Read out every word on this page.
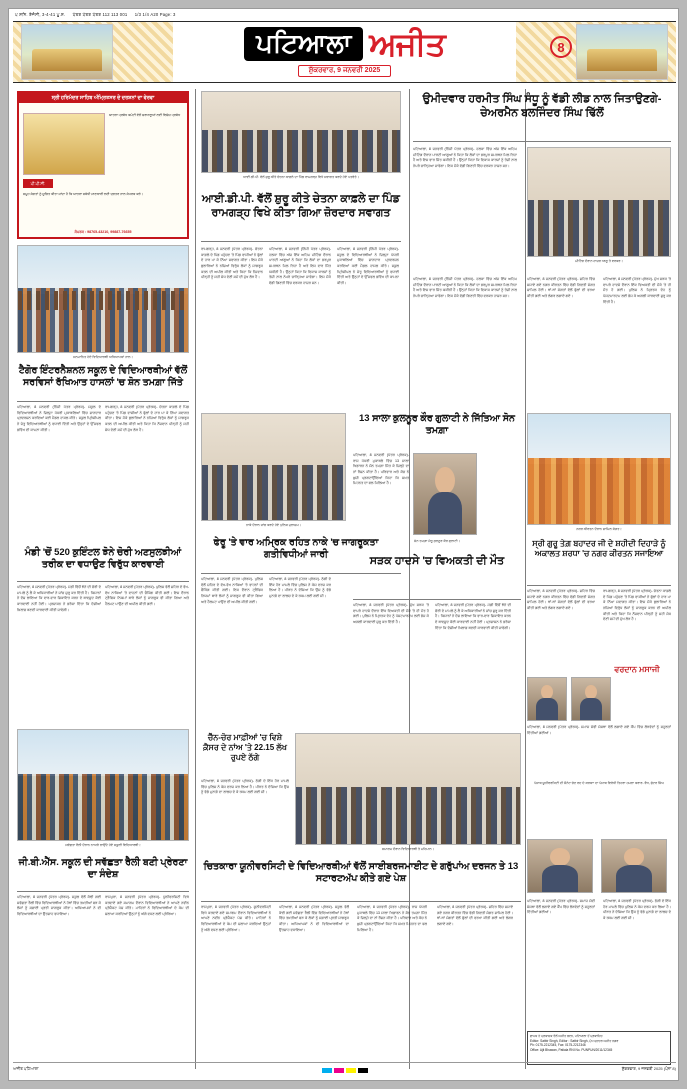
ਪ ਸ਼ਨਿ. ਏਜੰਸੀ, 3-4-41 ਪੂ.ਸ਼. ਪੱਤਰ ਪੱਤਰ ਪੱਤਰ 112 113 001 1/3 1/4 A20 Page: 3
ਪਟਿਆਲਾ ਅਜੀਤ
ਸ਼ੁੱਕਰਵਾਰ, 9 ਜਨਵਰੀ 2025
8
ਸ੍ਰੀ ਹਰਿਮੰਦਰ ਸਾਹਿਬ ਅੰਮ੍ਰਿਤਸਰ ਦੇ ਦਰਸ਼ਨਾਂ ਦਾ ਵੇਰਵਾ
ਯਾਤਰਾ ਪ੍ਰਬੰਧ ਕਮੇਟੀ ਵੱਲੋਂ ਸ਼ਰਧਾਲੂਆਂ ਲਈ ਵਿਸ਼ੇਸ਼ ਪ੍ਰਬੰਧ
ਪੀ.ਪੀ.ਸੀ.
ਸਮੂਹ ਸੰਗਤਾਂ ਨੂੰ ਸੂਚਿਤ ਕੀਤਾ ਜਾਂਦਾ ਹੈ ਕਿ ਯਾਤਰਾ ਸਬੰਧੀ ਜਾਣਕਾਰੀ ਲਈ ਦਫ਼ਤਰ ਨਾਲ ਸੰਪਰਕ ਕਰੋ।
ਸੰਪਰਕ : 98765-43210, 99887-76655
ਸਨਮਾਨਿਤ ਹੋਏ ਵਿਦਿਆਰਥੀ ਅਧਿਆਪਕਾਂ ਨਾਲ।
ਟੈਗੋਰ ਇੰਟਰਨੈਸ਼ਨਲ ਸਕੂਲ ਦੇ ਵਿਦਿਆਰਥੀਆਂ ਵੱਲੋਂ ਸਰਵਿਸਾਂ ਰੱਖਿਆਤ ਹਾਸਲਾਂ 'ਚ ਸ਼ੋਨ ਤਮਗ਼ਾ ਜਿੱਤੇ
ਪਟਿਆਲਾ, 8 ਜਨਵਰੀ (ਨਿੱਜੀ ਪੱਤਰ ਪ੍ਰੇਰਕ)- ਸਕੂਲ ਦੇ ਵਿਦਿਆਰਥੀਆਂ ਨੇ ਜ਼ਿਲ੍ਹਾ ਪੱਧਰੀ ਮੁਕਾਬਲਿਆਂ ਵਿੱਚ ਸ਼ਾਨਦਾਰ ਪ੍ਰਦਰਸ਼ਨ ਕਰਦਿਆਂ ਕਈ ਮੈਡਲ ਹਾਸਲ ਕੀਤੇ। ਸਕੂਲ ਪ੍ਰਿੰਸੀਪਲ ਨੇ ਜੇਤੂ ਵਿਦਿਆਰਥੀਆਂ ਨੂੰ ਵਧਾਈ ਦਿੱਤੀ ਅਤੇ ਉਨ੍ਹਾਂ ਦੇ ਉੱਜਵਲ ਭਵਿੱਖ ਦੀ ਕਾਮਨਾ ਕੀਤੀ।
ਰਾਮਗੜ੍ਹ, 8 ਜਨਵਰੀ (ਪੱਤਰ ਪ੍ਰੇਰਕ)- ਚੇਤਨਾ ਕਾਫ਼ਲੇ ਦੇ ਪਿੰਡ ਪਹੁੰਚਣ 'ਤੇ ਪਿੰਡ ਵਾਸੀਆਂ ਨੇ ਫੁੱਲਾਂ ਦੇ ਹਾਰ ਪਾ ਕੇ ਨਿੱਘਾ ਸਵਾਗਤ ਕੀਤਾ। ਇਸ ਮੌਕੇ ਬੁਲਾਰਿਆਂ ਨੇ ਨਸ਼ਿਆਂ ਵਿਰੁੱਧ ਲੋਕਾਂ ਨੂੰ ਜਾਗਰੂਕ ਕਰਨ ਦੀ ਅਪੀਲ ਕੀਤੀ ਅਤੇ ਕਿਹਾ ਕਿ ਨੌਜਵਾਨ ਪੀੜ੍ਹੀ ਨੂੰ ਸਹੀ ਸੇਧ ਦੇਣੀ ਸਮੇਂ ਦੀ ਮੁੱਖ ਲੋੜ ਹੈ।
ਮੰਡੀ 'ਚੋਂ 520 ਕੁਇੰਟਲ ਝੋਨੇ ਚੋਰੀ ਅਣਸੁਲਝੀਆਂ ਤਰੀਕ ਦਾ ਵਧਾਉਣ ਵਿਰੁੱਧ ਕਾਰਵਾਈ
ਪਟਿਆਲਾ, 8 ਜਨਵਰੀ (ਪੱਤਰ ਪ੍ਰੇਰਕ)- ਮੰਡੀ ਵਿੱਚੋਂ ਝੋਨੇ ਦੀ ਚੋਰੀ ਦੇ ਮਾਮਲੇ ਨੂੰ ਲੈ ਕੇ ਅਧਿਕਾਰੀਆਂ ਨੇ ਜਾਂਚ ਸ਼ੁਰੂ ਕਰ ਦਿੱਤੀ ਹੈ। ਕਿਸਾਨਾਂ ਨੇ ਦੋਸ਼ ਲਾਇਆ ਕਿ ਵਾਰ-ਵਾਰ ਸ਼ਿਕਾਇਤ ਕਰਨ ਦੇ ਬਾਵਜੂਦ ਕੋਈ ਕਾਰਵਾਈ ਨਹੀਂ ਹੋਈ। ਪ੍ਰਸ਼ਾਸਨ ਨੇ ਭਰੋਸਾ ਦਿੱਤਾ ਕਿ ਦੋਸ਼ੀਆਂ ਖ਼ਿਲਾਫ਼ ਬਣਦੀ ਕਾਰਵਾਈ ਕੀਤੀ ਜਾਵੇਗੀ।
ਪਟਿਆਲਾ, 8 ਜਨਵਰੀ (ਪੱਤਰ ਪ੍ਰੇਰਕ)- ਪੁਲਿਸ ਵੱਲੋਂ ਸ਼ਹਿਰ ਦੇ ਵੱਖ-ਵੱਖ ਨਾਕਿਆਂ 'ਤੇ ਵਾਹਨਾਂ ਦੀ ਚੈਕਿੰਗ ਕੀਤੀ ਗਈ। ਇਸ ਦੌਰਾਨ ਟ੍ਰੈਫਿਕ ਨਿਯਮਾਂ ਬਾਰੇ ਲੋਕਾਂ ਨੂੰ ਜਾਗਰੂਕ ਵੀ ਕੀਤਾ ਗਿਆ ਅਤੇ ਹੈਲਮਟ ਪਾਉਣ ਦੀ ਅਪੀਲ ਕੀਤੀ ਗਈ।
ਸਵੱਛਤਾ ਰੈਲੀ ਦੌਰਾਨ ਨਾਅਰੇ ਲਾਉਂਦੇ ਹੋਏ ਸਕੂਲੀ ਵਿਦਿਆਰਥੀ।
ਜੀ.ਬੀ.ਐੱਸ. ਸਕੂਲ ਦੀ ਸਵੱਛਤਾ ਰੈਲੀ ਬਣੀ ਪ੍ਰੇਰਣਾ ਦਾ ਸੰਦੇਸ਼
ਪਟਿਆਲਾ, 8 ਜਨਵਰੀ (ਪੱਤਰ ਪ੍ਰੇਰਕ)- ਸਕੂਲ ਵੱਲੋਂ ਕੱਢੀ ਗਈ ਸਵੱਛਤਾ ਰੈਲੀ ਵਿੱਚ ਵਿਦਿਆਰਥੀਆਂ ਨੇ ਹੱਥਾਂ ਵਿੱਚ ਤਖ਼ਤੀਆਂ ਫੜ ਕੇ ਲੋਕਾਂ ਨੂੰ ਸਫ਼ਾਈ ਪ੍ਰਤੀ ਜਾਗਰੂਕ ਕੀਤਾ। ਅਧਿਆਪਕਾਂ ਨੇ ਵੀ ਵਿਦਿਆਰਥੀਆਂ ਦਾ ਉਤਸ਼ਾਹ ਵਧਾਇਆ।
ਰਾਜਪੁਰਾ, 8 ਜਨਵਰੀ (ਪੱਤਰ ਪ੍ਰੇਰਕ)- ਯੂਨੀਵਰਸਿਟੀ ਵਿਖੇ ਕਰਵਾਏ ਗਏ ਸਮਾਗਮ ਦੌਰਾਨ ਵਿਦਿਆਰਥੀਆਂ ਨੇ ਆਪਣੇ ਨਵੀਨ ਪ੍ਰੋਜੈਕਟ ਪੇਸ਼ ਕੀਤੇ। ਮਾਹਿਰਾਂ ਨੇ ਵਿਦਿਆਰਥੀਆਂ ਦੇ ਕੰਮ ਦੀ ਸ਼ਲਾਘਾ ਕਰਦਿਆਂ ਉਨ੍ਹਾਂ ਨੂੰ ਅੱਗੇ ਵਧਣ ਲਈ ਪ੍ਰੇਰਿਆ।
ਆਈ.ਡੀ.ਪੀ. ਵੱਲੋਂ ਸ਼ੁਰੂ ਕੀਤੇ ਚੇਤਨਾ ਕਾਫ਼ਲੇ ਦਾ ਪਿੰਡ ਰਾਮਗੜ੍ਹ ਵਿਖੇ ਸਵਾਗਤ ਕਰਦੇ ਹੋਏ ਪਤਵੰਤੇ।
ਆਈ.ਡੀ.ਪੀ. ਵੱਲੋਂ ਸ਼ੁਰੂ ਕੀਤੇ ਚੇਤਨਾ ਕਾਫ਼ਲੇ ਦਾ ਪਿੰਡ ਰਾਮਗੜ੍ਹ ਵਿਖੇ ਕੀਤਾ ਗਿਆ ਜ਼ੋਰਦਾਰ ਸਵਾਗਤ
ਰਾਮਗੜ੍ਹ, 8 ਜਨਵਰੀ (ਪੱਤਰ ਪ੍ਰੇਰਕ)- ਚੇਤਨਾ ਕਾਫ਼ਲੇ ਦੇ ਪਿੰਡ ਪਹੁੰਚਣ 'ਤੇ ਪਿੰਡ ਵਾਸੀਆਂ ਨੇ ਫੁੱਲਾਂ ਦੇ ਹਾਰ ਪਾ ਕੇ ਨਿੱਘਾ ਸਵਾਗਤ ਕੀਤਾ। ਇਸ ਮੌਕੇ ਬੁਲਾਰਿਆਂ ਨੇ ਨਸ਼ਿਆਂ ਵਿਰੁੱਧ ਲੋਕਾਂ ਨੂੰ ਜਾਗਰੂਕ ਕਰਨ ਦੀ ਅਪੀਲ ਕੀਤੀ ਅਤੇ ਕਿਹਾ ਕਿ ਨੌਜਵਾਨ ਪੀੜ੍ਹੀ ਨੂੰ ਸਹੀ ਸੇਧ ਦੇਣੀ ਸਮੇਂ ਦੀ ਮੁੱਖ ਲੋੜ ਹੈ।
ਪਟਿਆਲਾ, 8 ਜਨਵਰੀ (ਨਿੱਜੀ ਪੱਤਰ ਪ੍ਰੇਰਕ)- ਹਲਕਾ ਵਿੱਚ ਅੱਜ ਇੱਕ ਅਹਿਮ ਮੀਟਿੰਗ ਦੌਰਾਨ ਪਾਰਟੀ ਆਗੂਆਂ ਨੇ ਕਿਹਾ ਕਿ ਲੋਕਾਂ ਦਾ ਭਰਪੂਰ ਸਮਰਥਨ ਮਿਲ ਰਿਹਾ ਹੈ ਅਤੇ ਇਸ ਵਾਰ ਜਿੱਤ ਯਕੀਨੀ ਹੈ। ਉਨ੍ਹਾਂ ਕਿਹਾ ਕਿ ਵਿਕਾਸ ਕਾਰਜਾਂ ਨੂੰ ਤੇਜ਼ੀ ਨਾਲ ਨੇਪਰੇ ਚਾੜ੍ਹਿਆ ਜਾਵੇਗਾ। ਇਸ ਮੌਕੇ ਵੱਡੀ ਗਿਣਤੀ ਵਿੱਚ ਵਰਕਰ ਹਾਜ਼ਰ ਸਨ।
ਪਟਿਆਲਾ, 8 ਜਨਵਰੀ (ਨਿੱਜੀ ਪੱਤਰ ਪ੍ਰੇਰਕ)- ਸਕੂਲ ਦੇ ਵਿਦਿਆਰਥੀਆਂ ਨੇ ਜ਼ਿਲ੍ਹਾ ਪੱਧਰੀ ਮੁਕਾਬਲਿਆਂ ਵਿੱਚ ਸ਼ਾਨਦਾਰ ਪ੍ਰਦਰਸ਼ਨ ਕਰਦਿਆਂ ਕਈ ਮੈਡਲ ਹਾਸਲ ਕੀਤੇ। ਸਕੂਲ ਪ੍ਰਿੰਸੀਪਲ ਨੇ ਜੇਤੂ ਵਿਦਿਆਰਥੀਆਂ ਨੂੰ ਵਧਾਈ ਦਿੱਤੀ ਅਤੇ ਉਨ੍ਹਾਂ ਦੇ ਉੱਜਵਲ ਭਵਿੱਖ ਦੀ ਕਾਮਨਾ ਕੀਤੀ।
ਨਾਕੇ ਦੌਰਾਨ ਜਾਂਚ ਕਰਦੇ ਹੋਏ ਪੁਲਿਸ ਮੁਲਾਜ਼ਮ।
ਫੇਰੂ 'ਤੇ ਵਾਰ ਅਮ੍ਰਿਕ ਰਹਿਤ ਨਾਕੇ 'ਚ ਜਾਗਰੂਕਤਾ ਗਤੀਵਿਧੀਆਂ ਜਾਰੀ
ਪਟਿਆਲਾ, 8 ਜਨਵਰੀ (ਪੱਤਰ ਪ੍ਰੇਰਕ)- ਪੁਲਿਸ ਵੱਲੋਂ ਸ਼ਹਿਰ ਦੇ ਵੱਖ-ਵੱਖ ਨਾਕਿਆਂ 'ਤੇ ਵਾਹਨਾਂ ਦੀ ਚੈਕਿੰਗ ਕੀਤੀ ਗਈ। ਇਸ ਦੌਰਾਨ ਟ੍ਰੈਫਿਕ ਨਿਯਮਾਂ ਬਾਰੇ ਲੋਕਾਂ ਨੂੰ ਜਾਗਰੂਕ ਵੀ ਕੀਤਾ ਗਿਆ ਅਤੇ ਹੈਲਮਟ ਪਾਉਣ ਦੀ ਅਪੀਲ ਕੀਤੀ ਗਈ।
ਪਟਿਆਲਾ, 8 ਜਨਵਰੀ (ਪੱਤਰ ਪ੍ਰੇਰਕ)- ਠੱਗੀ ਦੇ ਇੱਕ ਹੋਰ ਮਾਮਲੇ ਵਿੱਚ ਪੁਲਿਸ ਨੇ ਕੇਸ ਦਰਜ ਕਰ ਲਿਆ ਹੈ। ਪੀੜਤ ਨੇ ਦੱਸਿਆ ਕਿ ਉਸ ਨੂੰ ਵੱਡੇ ਮੁਨਾਫ਼ੇ ਦਾ ਲਾਲਚ ਦੇ ਕੇ ਰਕਮ ਲਈ ਗਈ ਸੀ।
13 ਸਾਲਾ ਕੁਲਨੂਰ ਕੌਰ ਗੁਲਾਟੀ ਨੇ ਜਿੱਤਿਆ ਸੋਨ ਤਮਗ਼ਾ
ਸੋਨ ਤਮਗ਼ਾ ਜੇਤੂ ਕੁਲਨੂਰ ਕੌਰ ਗੁਲਾਟੀ।
ਪਟਿਆਲਾ, 8 ਜਨਵਰੀ (ਪੱਤਰ ਪ੍ਰੇਰਕ)- ਰਾਜ ਪੱਧਰੀ ਮੁਕਾਬਲੇ ਵਿੱਚ 13 ਸਾਲਾ ਖਿਡਾਰਨ ਨੇ ਸੋਨ ਤਮਗ਼ਾ ਜਿੱਤ ਕੇ ਜ਼ਿਲ੍ਹੇ ਦਾ ਨਾਂ ਰੌਸ਼ਨ ਕੀਤਾ ਹੈ। ਪਰਿਵਾਰ ਅਤੇ ਕੋਚ ਨੇ ਖ਼ੁਸ਼ੀ ਪ੍ਰਗਟਾਉਂਦਿਆਂ ਕਿਹਾ ਕਿ ਸਖ਼ਤ ਮਿਹਨਤ ਦਾ ਫਲ ਮਿਲਿਆ ਹੈ।
ਸੜਕ ਹਾਦਸੇ 'ਚ ਵਿਅਕਤੀ ਦੀ ਮੌਤ
ਪਟਿਆਲਾ, 8 ਜਨਵਰੀ (ਪੱਤਰ ਪ੍ਰੇਰਕ)- ਮੁੱਖ ਸੜਕ 'ਤੇ ਵਾਪਰੇ ਹਾਦਸੇ ਦੌਰਾਨ ਇੱਕ ਵਿਅਕਤੀ ਦੀ ਮੌਕੇ 'ਤੇ ਹੀ ਮੌਤ ਹੋ ਗਈ। ਪੁਲਿਸ ਨੇ ਮ੍ਰਿਤਕ ਦੇਹ ਨੂੰ ਪੋਸਟਮਾਰਟਮ ਲਈ ਭੇਜ ਕੇ ਅਗਲੀ ਕਾਰਵਾਈ ਸ਼ੁਰੂ ਕਰ ਦਿੱਤੀ ਹੈ।
ਪਟਿਆਲਾ, 8 ਜਨਵਰੀ (ਪੱਤਰ ਪ੍ਰੇਰਕ)- ਮੰਡੀ ਵਿੱਚੋਂ ਝੋਨੇ ਦੀ ਚੋਰੀ ਦੇ ਮਾਮਲੇ ਨੂੰ ਲੈ ਕੇ ਅਧਿਕਾਰੀਆਂ ਨੇ ਜਾਂਚ ਸ਼ੁਰੂ ਕਰ ਦਿੱਤੀ ਹੈ। ਕਿਸਾਨਾਂ ਨੇ ਦੋਸ਼ ਲਾਇਆ ਕਿ ਵਾਰ-ਵਾਰ ਸ਼ਿਕਾਇਤ ਕਰਨ ਦੇ ਬਾਵਜੂਦ ਕੋਈ ਕਾਰਵਾਈ ਨਹੀਂ ਹੋਈ। ਪ੍ਰਸ਼ਾਸਨ ਨੇ ਭਰੋਸਾ ਦਿੱਤਾ ਕਿ ਦੋਸ਼ੀਆਂ ਖ਼ਿਲਾਫ਼ ਬਣਦੀ ਕਾਰਵਾਈ ਕੀਤੀ ਜਾਵੇਗੀ।
ਚੈੱਨ-ਚੋਰ ਮਾਫ਼ੀਆਂ 'ਚ ਵਿਸ਼ੇ ਕ਼ੈਸਰ ਦੇ ਨਾਂਅ 'ਤੇ 22.15 ਲੱਖ ਰੁਪਏ ਠੱਗੇ
ਪਟਿਆਲਾ, 8 ਜਨਵਰੀ (ਪੱਤਰ ਪ੍ਰੇਰਕ)- ਠੱਗੀ ਦੇ ਇੱਕ ਹੋਰ ਮਾਮਲੇ ਵਿੱਚ ਪੁਲਿਸ ਨੇ ਕੇਸ ਦਰਜ ਕਰ ਲਿਆ ਹੈ। ਪੀੜਤ ਨੇ ਦੱਸਿਆ ਕਿ ਉਸ ਨੂੰ ਵੱਡੇ ਮੁਨਾਫ਼ੇ ਦਾ ਲਾਲਚ ਦੇ ਕੇ ਰਕਮ ਲਈ ਗਈ ਸੀ।
ਸਮਾਗਮ ਦੌਰਾਨ ਵਿਦਿਆਰਥੀ ਤੇ ਮਹਿਮਾਨ।
ਚਿਤਕਾਰਾ ਯੂਨੀਵਰਸਿਟੀ ਦੇ ਵਿਦਿਆਰਥੀਆਂ ਵੱਲੋਂ ਸਾਈਬਰਜਮਾਈਟ ਦੇ ਗਰੁੱਪਾਂਅ ਦਰਜਨ ਤੇ 13 ਸਟਾਰਟਅੱਪ ਕੀਤੇ ਗਏ ਪੇਸ਼
ਰਾਜਪੁਰਾ, 8 ਜਨਵਰੀ (ਪੱਤਰ ਪ੍ਰੇਰਕ)- ਯੂਨੀਵਰਸਿਟੀ ਵਿਖੇ ਕਰਵਾਏ ਗਏ ਸਮਾਗਮ ਦੌਰਾਨ ਵਿਦਿਆਰਥੀਆਂ ਨੇ ਆਪਣੇ ਨਵੀਨ ਪ੍ਰੋਜੈਕਟ ਪੇਸ਼ ਕੀਤੇ। ਮਾਹਿਰਾਂ ਨੇ ਵਿਦਿਆਰਥੀਆਂ ਦੇ ਕੰਮ ਦੀ ਸ਼ਲਾਘਾ ਕਰਦਿਆਂ ਉਨ੍ਹਾਂ ਨੂੰ ਅੱਗੇ ਵਧਣ ਲਈ ਪ੍ਰੇਰਿਆ।
ਪਟਿਆਲਾ, 8 ਜਨਵਰੀ (ਪੱਤਰ ਪ੍ਰੇਰਕ)- ਸਕੂਲ ਵੱਲੋਂ ਕੱਢੀ ਗਈ ਸਵੱਛਤਾ ਰੈਲੀ ਵਿੱਚ ਵਿਦਿਆਰਥੀਆਂ ਨੇ ਹੱਥਾਂ ਵਿੱਚ ਤਖ਼ਤੀਆਂ ਫੜ ਕੇ ਲੋਕਾਂ ਨੂੰ ਸਫ਼ਾਈ ਪ੍ਰਤੀ ਜਾਗਰੂਕ ਕੀਤਾ। ਅਧਿਆਪਕਾਂ ਨੇ ਵੀ ਵਿਦਿਆਰਥੀਆਂ ਦਾ ਉਤਸ਼ਾਹ ਵਧਾਇਆ।
ਪਟਿਆਲਾ, 8 ਜਨਵਰੀ (ਪੱਤਰ ਪ੍ਰੇਰਕ)- ਰਾਜ ਪੱਧਰੀ ਮੁਕਾਬਲੇ ਵਿੱਚ 13 ਸਾਲਾ ਖਿਡਾਰਨ ਨੇ ਸੋਨ ਤਮਗ਼ਾ ਜਿੱਤ ਕੇ ਜ਼ਿਲ੍ਹੇ ਦਾ ਨਾਂ ਰੌਸ਼ਨ ਕੀਤਾ ਹੈ। ਪਰਿਵਾਰ ਅਤੇ ਕੋਚ ਨੇ ਖ਼ੁਸ਼ੀ ਪ੍ਰਗਟਾਉਂਦਿਆਂ ਕਿਹਾ ਕਿ ਸਖ਼ਤ ਮਿਹਨਤ ਦਾ ਫਲ ਮਿਲਿਆ ਹੈ।
ਪਟਿਆਲਾ, 8 ਜਨਵਰੀ (ਪੱਤਰ ਪ੍ਰੇਰਕ)- ਸ਼ਹਿਰ ਵਿੱਚ ਸਜਾਏ ਗਏ ਨਗਰ ਕੀਰਤਨ ਵਿੱਚ ਵੱਡੀ ਗਿਣਤੀ ਸੰਗਤ ਸ਼ਾਮਿਲ ਹੋਈ। ਥਾਂ-ਥਾਂ ਸੰਗਤਾਂ ਵੱਲੋਂ ਫੁੱਲਾਂ ਦੀ ਵਰਖਾ ਕੀਤੀ ਗਈ ਅਤੇ ਲੰਗਰ ਲਗਾਏ ਗਏ।
ਉਮੀਦਵਾਰ ਹਰਮੀਤ ਸਿੰਘ ਸੰਧੂ ਨੂੰ ਵੱਡੀ ਲੀਡ ਨਾਲ ਜਿਤਾਉਣਗੇ-ਚੇਅਰਮੈਨ ਬਲਜਿੰਦਰ ਸਿੰਘ ਢਿੱਲੋਂ
ਪਟਿਆਲਾ, 8 ਜਨਵਰੀ (ਨਿੱਜੀ ਪੱਤਰ ਪ੍ਰੇਰਕ)- ਹਲਕਾ ਵਿੱਚ ਅੱਜ ਇੱਕ ਅਹਿਮ ਮੀਟਿੰਗ ਦੌਰਾਨ ਪਾਰਟੀ ਆਗੂਆਂ ਨੇ ਕਿਹਾ ਕਿ ਲੋਕਾਂ ਦਾ ਭਰਪੂਰ ਸਮਰਥਨ ਮਿਲ ਰਿਹਾ ਹੈ ਅਤੇ ਇਸ ਵਾਰ ਜਿੱਤ ਯਕੀਨੀ ਹੈ। ਉਨ੍ਹਾਂ ਕਿਹਾ ਕਿ ਵਿਕਾਸ ਕਾਰਜਾਂ ਨੂੰ ਤੇਜ਼ੀ ਨਾਲ ਨੇਪਰੇ ਚਾੜ੍ਹਿਆ ਜਾਵੇਗਾ। ਇਸ ਮੌਕੇ ਵੱਡੀ ਗਿਣਤੀ ਵਿੱਚ ਵਰਕਰ ਹਾਜ਼ਰ ਸਨ।
ਮੀਟਿੰਗ ਦੌਰਾਨ ਹਾਜ਼ਰ ਆਗੂ ਤੇ ਵਰਕਰ।
ਪਟਿਆਲਾ, 8 ਜਨਵਰੀ (ਨਿੱਜੀ ਪੱਤਰ ਪ੍ਰੇਰਕ)- ਹਲਕਾ ਵਿੱਚ ਅੱਜ ਇੱਕ ਅਹਿਮ ਮੀਟਿੰਗ ਦੌਰਾਨ ਪਾਰਟੀ ਆਗੂਆਂ ਨੇ ਕਿਹਾ ਕਿ ਲੋਕਾਂ ਦਾ ਭਰਪੂਰ ਸਮਰਥਨ ਮਿਲ ਰਿਹਾ ਹੈ ਅਤੇ ਇਸ ਵਾਰ ਜਿੱਤ ਯਕੀਨੀ ਹੈ। ਉਨ੍ਹਾਂ ਕਿਹਾ ਕਿ ਵਿਕਾਸ ਕਾਰਜਾਂ ਨੂੰ ਤੇਜ਼ੀ ਨਾਲ ਨੇਪਰੇ ਚਾੜ੍ਹਿਆ ਜਾਵੇਗਾ। ਇਸ ਮੌਕੇ ਵੱਡੀ ਗਿਣਤੀ ਵਿੱਚ ਵਰਕਰ ਹਾਜ਼ਰ ਸਨ।
ਪਟਿਆਲਾ, 8 ਜਨਵਰੀ (ਪੱਤਰ ਪ੍ਰੇਰਕ)- ਸ਼ਹਿਰ ਵਿੱਚ ਸਜਾਏ ਗਏ ਨਗਰ ਕੀਰਤਨ ਵਿੱਚ ਵੱਡੀ ਗਿਣਤੀ ਸੰਗਤ ਸ਼ਾਮਿਲ ਹੋਈ। ਥਾਂ-ਥਾਂ ਸੰਗਤਾਂ ਵੱਲੋਂ ਫੁੱਲਾਂ ਦੀ ਵਰਖਾ ਕੀਤੀ ਗਈ ਅਤੇ ਲੰਗਰ ਲਗਾਏ ਗਏ।
ਪਟਿਆਲਾ, 8 ਜਨਵਰੀ (ਪੱਤਰ ਪ੍ਰੇਰਕ)- ਮੁੱਖ ਸੜਕ 'ਤੇ ਵਾਪਰੇ ਹਾਦਸੇ ਦੌਰਾਨ ਇੱਕ ਵਿਅਕਤੀ ਦੀ ਮੌਕੇ 'ਤੇ ਹੀ ਮੌਤ ਹੋ ਗਈ। ਪੁਲਿਸ ਨੇ ਮ੍ਰਿਤਕ ਦੇਹ ਨੂੰ ਪੋਸਟਮਾਰਟਮ ਲਈ ਭੇਜ ਕੇ ਅਗਲੀ ਕਾਰਵਾਈ ਸ਼ੁਰੂ ਕਰ ਦਿੱਤੀ ਹੈ।
ਨਗਰ ਕੀਰਤਨ ਦੌਰਾਨ ਸ਼ਾਮਿਲ ਸੰਗਤ।
ਸ੍ਰੀ ਗੁਰੂ ਤੇਗ਼ ਬਹਾਦਰ ਜੀ ਦੇ ਸ਼ਹੀਦੀ ਦਿਹਾੜੇ ਨੂੰ ਅਕਾਲਤ ਸ਼ਰਧਾ 'ਚ ਨਗਰ ਕੀਰਤਨ ਸਜਾਇਆ
ਪਟਿਆਲਾ, 8 ਜਨਵਰੀ (ਪੱਤਰ ਪ੍ਰੇਰਕ)- ਸ਼ਹਿਰ ਵਿੱਚ ਸਜਾਏ ਗਏ ਨਗਰ ਕੀਰਤਨ ਵਿੱਚ ਵੱਡੀ ਗਿਣਤੀ ਸੰਗਤ ਸ਼ਾਮਿਲ ਹੋਈ। ਥਾਂ-ਥਾਂ ਸੰਗਤਾਂ ਵੱਲੋਂ ਫੁੱਲਾਂ ਦੀ ਵਰਖਾ ਕੀਤੀ ਗਈ ਅਤੇ ਲੰਗਰ ਲਗਾਏ ਗਏ।
ਰਾਮਗੜ੍ਹ, 8 ਜਨਵਰੀ (ਪੱਤਰ ਪ੍ਰੇਰਕ)- ਚੇਤਨਾ ਕਾਫ਼ਲੇ ਦੇ ਪਿੰਡ ਪਹੁੰਚਣ 'ਤੇ ਪਿੰਡ ਵਾਸੀਆਂ ਨੇ ਫੁੱਲਾਂ ਦੇ ਹਾਰ ਪਾ ਕੇ ਨਿੱਘਾ ਸਵਾਗਤ ਕੀਤਾ। ਇਸ ਮੌਕੇ ਬੁਲਾਰਿਆਂ ਨੇ ਨਸ਼ਿਆਂ ਵਿਰੁੱਧ ਲੋਕਾਂ ਨੂੰ ਜਾਗਰੂਕ ਕਰਨ ਦੀ ਅਪੀਲ ਕੀਤੀ ਅਤੇ ਕਿਹਾ ਕਿ ਨੌਜਵਾਨ ਪੀੜ੍ਹੀ ਨੂੰ ਸਹੀ ਸੇਧ ਦੇਣੀ ਸਮੇਂ ਦੀ ਮੁੱਖ ਲੋੜ ਹੈ।
ਵਰਦਾਨ ਮਸਾਜੀ
ਪਟਿਆਲਾ, 8 ਜਨਵਰੀ (ਪੱਤਰ ਪ੍ਰੇਰਕ)- ਸਮਾਜ ਸੇਵੀ ਸੰਸਥਾ ਵੱਲੋਂ ਲਗਾਏ ਗਏ ਕੈਂਪ ਵਿੱਚ ਲੋੜਵੰਦਾਂ ਨੂੰ ਸਹੂਲਤਾਂ ਦਿੱਤੀਆਂ ਗਈਆਂ।
ਪੰਜਾਬ ਯੂਨੀਵਰਸਿਟੀ ਦੀ ਸੈਨੇਟ ਚੋਣ ਰਦ ਦੇ ਕਰਕਾਾ ਦਾ ਪੰਜਾਬ ਵਿਰੋਧੀ ਤਿਹਰਾ ਹਮਲਾ ਕਰਾਰ- ਵੈਧ, ਬੁੱਟਰ ਸਿੰਘ
ਪਟਿਆਲਾ, 8 ਜਨਵਰੀ (ਪੱਤਰ ਪ੍ਰੇਰਕ)- ਸਮਾਜ ਸੇਵੀ ਸੰਸਥਾ ਵੱਲੋਂ ਲਗਾਏ ਗਏ ਕੈਂਪ ਵਿੱਚ ਲੋੜਵੰਦਾਂ ਨੂੰ ਸਹੂਲਤਾਂ ਦਿੱਤੀਆਂ ਗਈਆਂ।
ਪਟਿਆਲਾ, 8 ਜਨਵਰੀ (ਪੱਤਰ ਪ੍ਰੇਰਕ)- ਠੱਗੀ ਦੇ ਇੱਕ ਹੋਰ ਮਾਮਲੇ ਵਿੱਚ ਪੁਲਿਸ ਨੇ ਕੇਸ ਦਰਜ ਕਰ ਲਿਆ ਹੈ। ਪੀੜਤ ਨੇ ਦੱਸਿਆ ਕਿ ਉਸ ਨੂੰ ਵੱਡੇ ਮੁਨਾਫ਼ੇ ਦਾ ਲਾਲਚ ਦੇ ਕੇ ਰਕਮ ਲਈ ਗਈ ਸੀ।
ਛਾਪਕ ਤੇ ਪ੍ਰਕਾਸ਼ਕ ਵੱਲੋਂ ਅਜੀਤ ਭਵਨ, ਪਟਿਆਲਾ ਤੋਂ ਪ੍ਰਕਾਸ਼ਿਤ
Editor: Satbir Singh, Editor : Satbir Singh, ਮੁੱਖ ਦਫ਼ਤਰ ਅਜੀਤ ਨਗਰ
Ph: 0175-2212345, Fax: 0175-2212346
Office: Ajit Bhawan, Patiala RNI No. PUNPUN/2011/12345
ਅਜੀਤ ਪਟਿਆਲਾ	ਸ਼ੁੱਕਰਵਾਰ, 9 ਜਨਵਰੀ 2025 (ਪੰਨਾ 8)
